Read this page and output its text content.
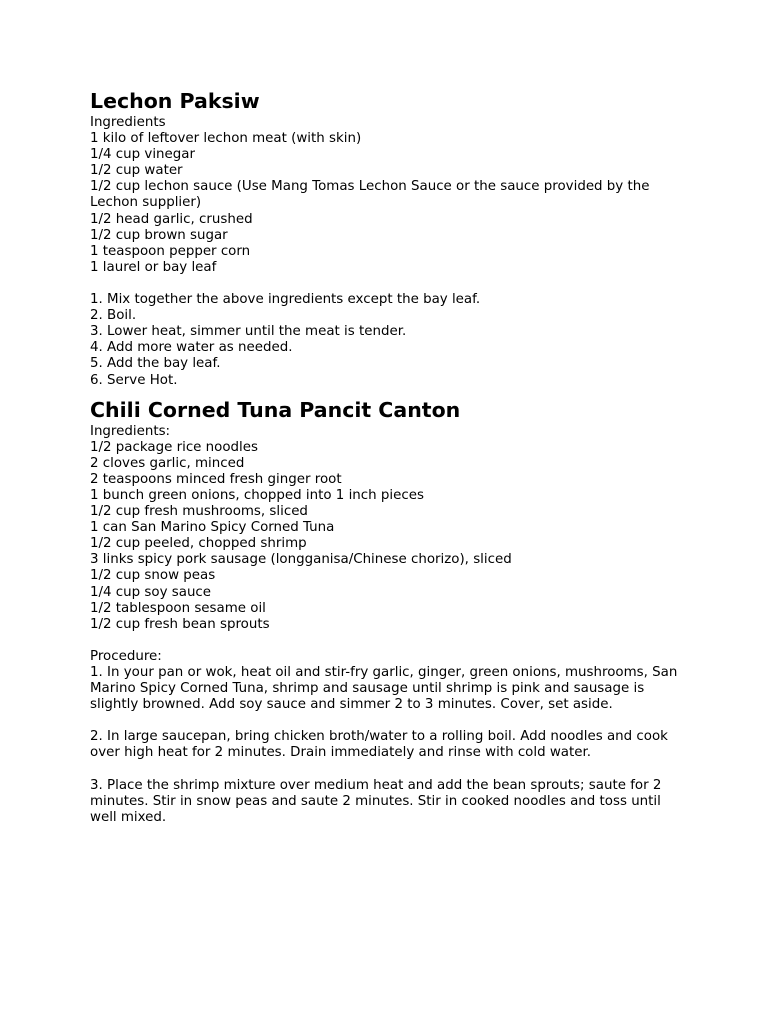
Lechon Paksiw

Ingredients

1 kilo of leftover lechon meat (with skin)

1/4 cup vinegar

1/2 cup water

1/2 cup lechon sauce (Use Mang Tomas Lechon Sauce or the sauce provided by the Lechon supplier)

1/2 head garlic, crushed

1/2 cup brown sugar

1 teaspoon pepper corn

1 laurel or bay leaf

1. Mix together the above ingredients except the bay leaf.

2. Boil.

3. Lower heat, simmer until the meat is tender.

4. Add more water as needed.

5. Add the bay leaf.

6. Serve Hot.

Chili Corned Tuna Pancit Canton

Ingredients:

1/2 package rice noodles

2 cloves garlic, minced

2 teaspoons minced fresh ginger root

1 bunch green onions, chopped into 1 inch pieces

1/2 cup fresh mushrooms, sliced

1 can San Marino Spicy Corned Tuna

1/2 cup peeled, chopped shrimp

3 links spicy pork sausage (longganisa/Chinese chorizo), sliced

1/2 cup snow peas

1/4 cup soy sauce

1/2 tablespoon sesame oil

1/2 cup fresh bean sprouts

Procedure:

1. In your pan or wok, heat oil and stir-fry garlic, ginger, green onions, mushrooms, San Marino Spicy Corned Tuna, shrimp and sausage until shrimp is pink and sausage is slightly browned. Add soy sauce and simmer 2 to 3 minutes. Cover, set aside.

2. In large saucepan, bring chicken broth/water to a rolling boil. Add noodles and cook over high heat for 2 minutes. Drain immediately and rinse with cold water.

3. Place the shrimp mixture over medium heat and add the bean sprouts; saute for 2 minutes. Stir in snow peas and saute 2 minutes. Stir in cooked noodles and toss until well mixed.
